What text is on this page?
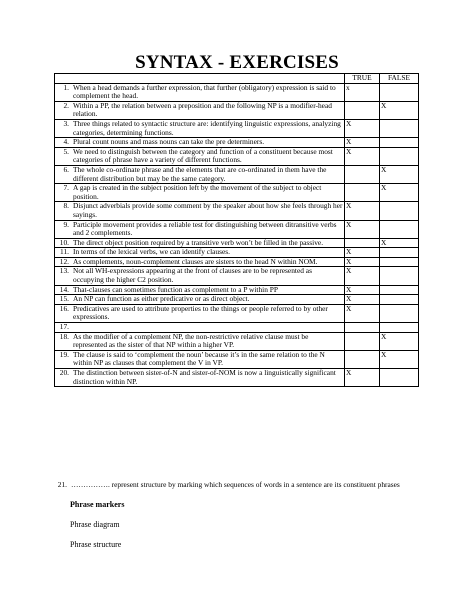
SYNTAX - EXERCISES
	TRUE	FALSE

1. When a head demands a further expression, that further (obligatory) expression is said to complement the head.	x	

2. Within a PP, the relation between a preposition and the following NP is a modifier-head relation.		X

3. Three things related to syntactic structure are: identifying linguistic expressions, analyzing categories, determining functions.	X	

4. Plural count nouns and mass nouns can take the pre determiners.	X	

5. We need to distinguish between the category and function of a constituent because most categories of phrase have a variety of different functions.	X	

6. The whole co-ordinate phrase and the elements that are co-ordinated in them have the different distribution but may be the same category.		X

7. A gap is created in the subject position left by the movement of the subject to object position.		X

8. Disjunct adverbials provide some comment by the speaker about how she feels through her sayings.	X	

9. Participle movement provides a reliable test for distinguishing between ditransitive verbs and 2 complements.	X	

10. The direct object position required by a transitive verb won’t be filled in the passive.		X

11. In terms of the lexical verbs, we can identify clauses.	X	

12. As complements, noun-complement clauses are sisters to the head N within NOM.	X	

13. Not all WH-expressions appearing at the front of clauses are to be represented as occupying the higher C2 position.	X	

14. That-clauses can sometimes function as complement to a P within PP	X	

15. An NP can function as either predicative or as direct object.	X	

16. Predicatives are used to attribute properties to the things or people referred to by other expressions.	X	

17.		

18. As the modifier of a complement NP, the non-restrictive relative clause must be represented as the sister of that NP within a higher VP.		X

19. The clause is said to ‘complement the noun’ because it’s in the same relation to the N within NP as clauses that complement the V in VP.		X

20. The distinction between sister-of-N and sister-of-NOM is now a linguistically significant distinction within NP.	X	
21. ……………. represent structure by marking which sequences of words in a sentence are its constituent phrases
Phrase markers
Phrase diagram
Phrase structure
